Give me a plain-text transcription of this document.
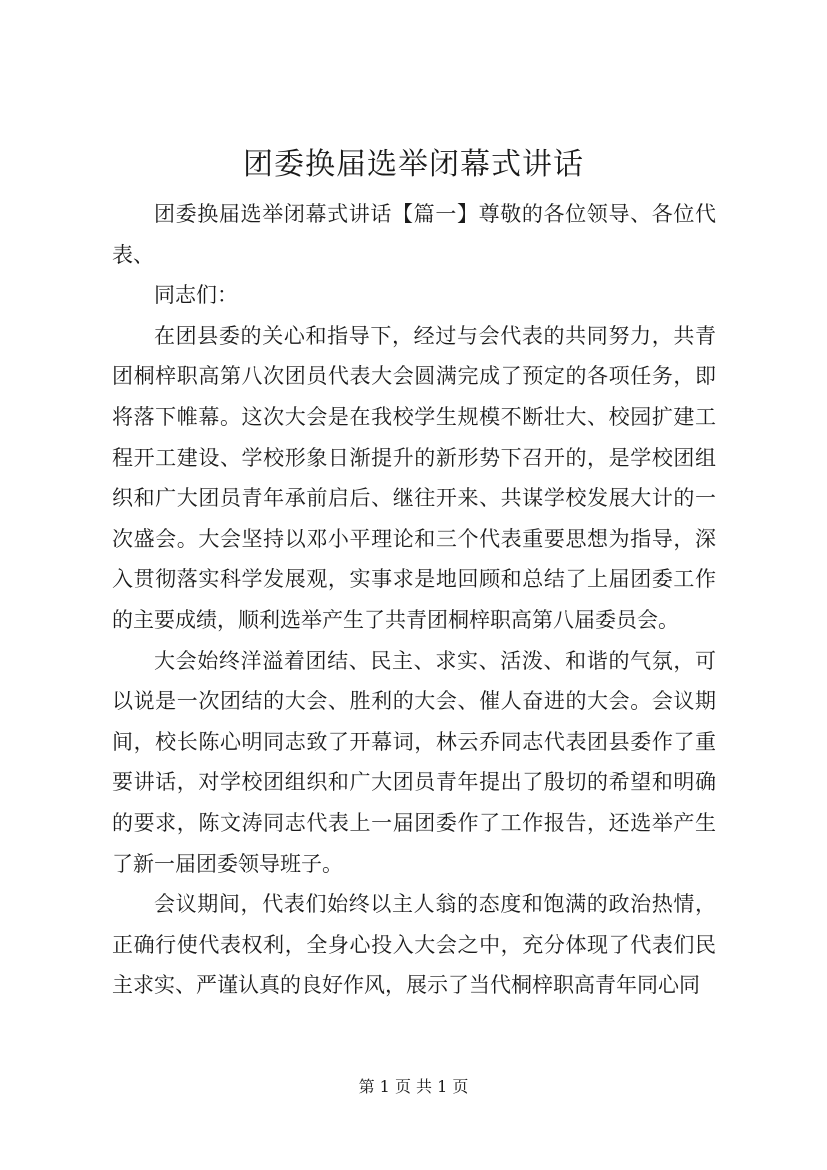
团委换届选举闭幕式讲话

团委换届选举闭幕式讲话【篇一】尊敬的各位领导、各位代表、

同志们：

在团县委的关心和指导下，经过与会代表的共同努力，共青团桐梓职高第八次团员代表大会圆满完成了预定的各项任务，即将落下帷幕。这次大会是在我校学生规模不断壮大、校园扩建工程开工建设、学校形象日渐提升的新形势下召开的，是学校团组织和广大团员青年承前启后、继往开来、共谋学校发展大计的一次盛会。大会坚持以邓小平理论和三个代表重要思想为指导，深入贯彻落实科学发展观，实事求是地回顾和总结了上届团委工作的主要成绩，顺利选举产生了共青团桐梓职高第八届委员会。

大会始终洋溢着团结、民主、求实、活泼、和谐的气氛，可以说是一次团结的大会、胜利的大会、催人奋进的大会。会议期间，校长陈心明同志致了开幕词，林云乔同志代表团县委作了重要讲话，对学校团组织和广大团员青年提出了殷切的希望和明确的要求，陈文涛同志代表上一届团委作了工作报告，还选举产生了新一届团委领导班子。

会议期间，代表们始终以主人翁的态度和饱满的政治热情，正确行使代表权利，全身心投入大会之中，充分体现了代表们民主求实、严谨认真的良好作风，展示了当代桐梓职高青年同心同

第 1 页 共 1 页
